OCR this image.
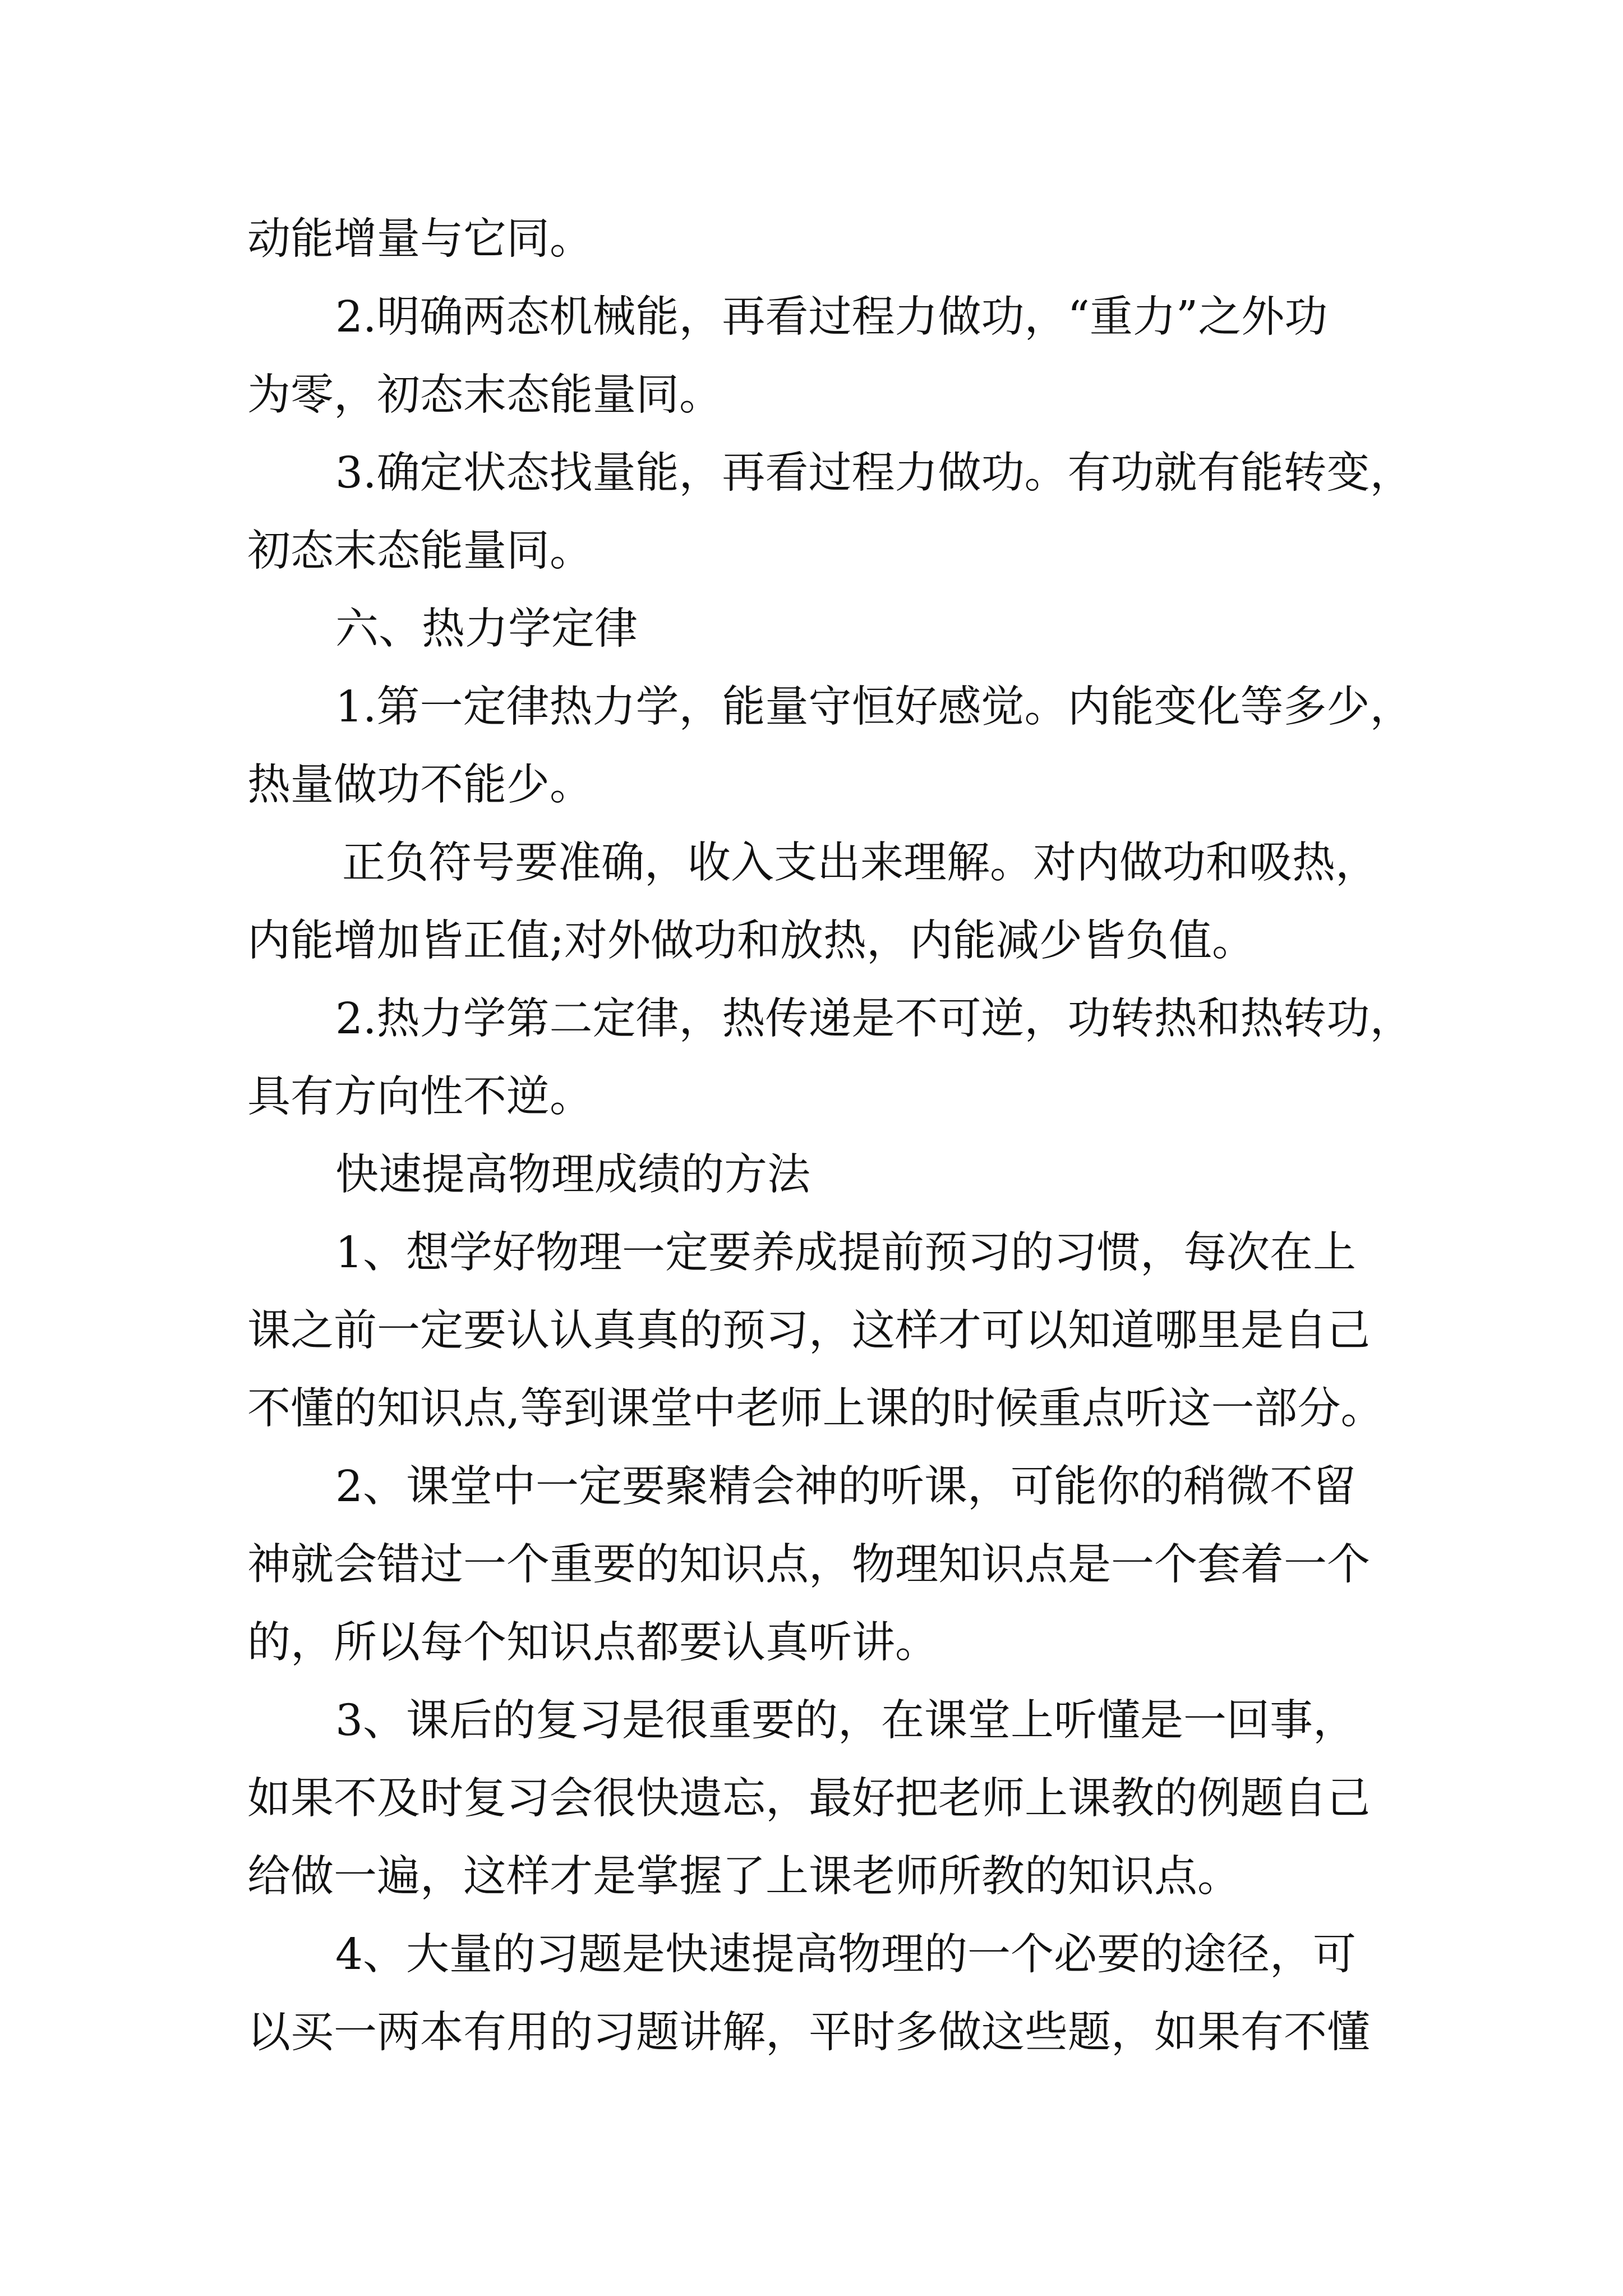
动能增量与它同。
2.明确两态机械能，再看过程力做功，“重力”之外功
为零，初态末态能量同。
3.确定状态找量能，再看过程力做功。有功就有能转变，
初态末态能量同。
六、热力学定律
1.第一定律热力学，能量守恒好感觉。内能变化等多少，
热量做功不能少。
正负符号要准确，收入支出来理解。对内做功和吸热，
内能增加皆正值;对外做功和放热，内能减少皆负值。
2.热力学第二定律，热传递是不可逆，功转热和热转功，
具有方向性不逆。
快速提高物理成绩的方法
1、想学好物理一定要养成提前预习的习惯，每次在上
课之前一定要认认真真的预习，这样才可以知道哪里是自己
不懂的知识点,等到课堂中老师上课的时候重点听这一部分。
2、课堂中一定要聚精会神的听课，可能你的稍微不留
神就会错过一个重要的知识点，物理知识点是一个套着一个
的，所以每个知识点都要认真听讲。
3、课后的复习是很重要的，在课堂上听懂是一回事，
如果不及时复习会很快遗忘，最好把老师上课教的例题自己
给做一遍，这样才是掌握了上课老师所教的知识点。
4、大量的习题是快速提高物理的一个必要的途径，可
以买一两本有用的习题讲解，平时多做这些题，如果有不懂
